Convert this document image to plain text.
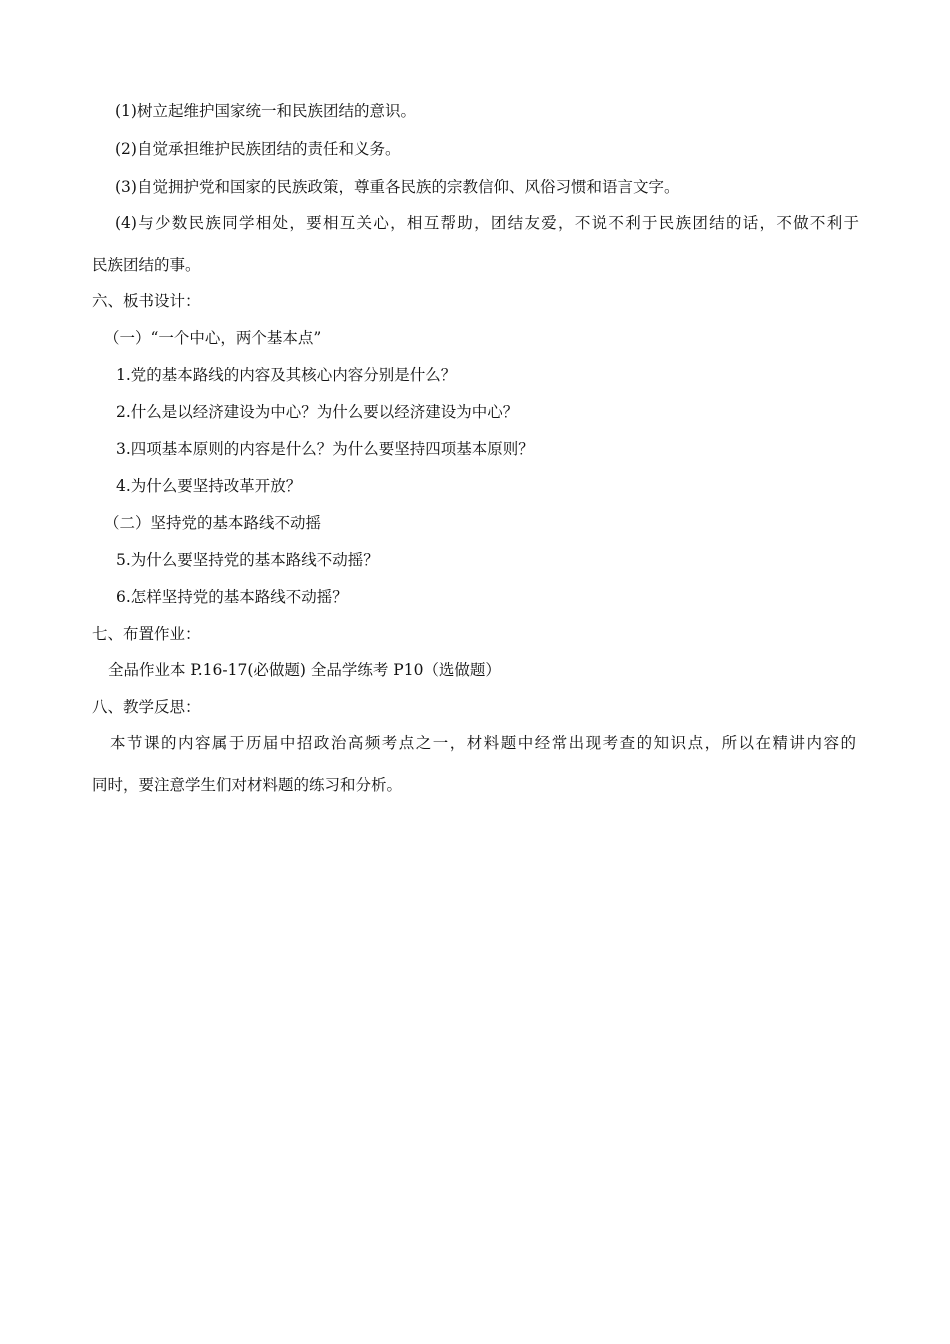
(1)树立起维护国家统一和民族团结的意识。
(2)自觉承担维护民族团结的责任和义务。
(3)自觉拥护党和国家的民族政策，尊重各民族的宗教信仰、风俗习惯和语言文字。
(4)与少数民族同学相处，要相互关心，相互帮助，团结友爱，不说不利于民族团结的话，不做不利于
民族团结的事。
六、板书设计：
（一）“一个中心，两个基本点”
1.党的基本路线的内容及其核心内容分别是什么？
2.什么是以经济建设为中心？为什么要以经济建设为中心？
3.四项基本原则的内容是什么？为什么要坚持四项基本原则？
4.为什么要坚持改革开放？
（二）坚持党的基本路线不动摇
5.为什么要坚持党的基本路线不动摇？
6.怎样坚持党的基本路线不动摇？
七、布置作业：
全品作业本 P.16-17(必做题) 全品学练考 P10（选做题）
八、教学反思：
本节课的内容属于历届中招政治高频考点之一，材料题中经常出现考查的知识点，所以在精讲内容的
同时，要注意学生们对材料题的练习和分析。
